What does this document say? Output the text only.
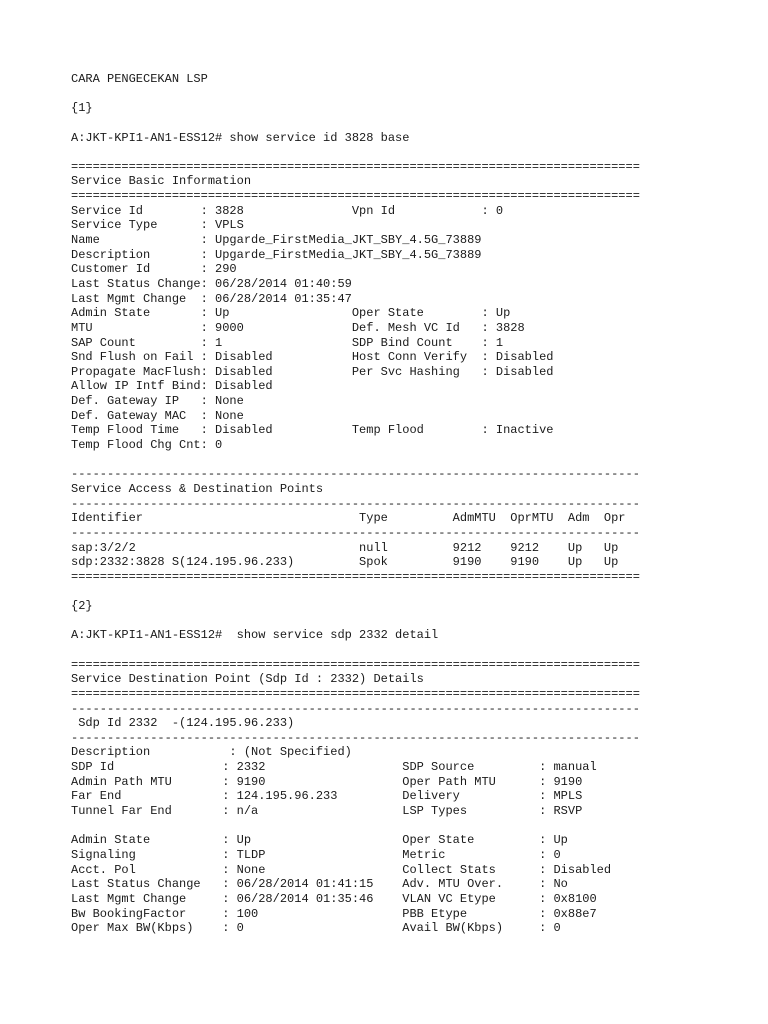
CARA PENGECEKAN LSP
{1}
A:JKT-KPI1-AN1-ESS12# show service id 3828 base
===============================================================================
Service Basic Information
===============================================================================
Service Id        : 3828               Vpn Id            : 0
Service Type      : VPLS
Name              : Upgarde_FirstMedia_JKT_SBY_4.5G_73889
Description       : Upgarde_FirstMedia_JKT_SBY_4.5G_73889
Customer Id       : 290
Last Status Change: 06/28/2014 01:40:59
Last Mgmt Change  : 06/28/2014 01:35:47
Admin State       : Up                 Oper State        : Up
MTU               : 9000               Def. Mesh VC Id   : 3828
SAP Count         : 1                  SDP Bind Count    : 1
Snd Flush on Fail : Disabled           Host Conn Verify  : Disabled
Propagate MacFlush: Disabled           Per Svc Hashing   : Disabled
Allow IP Intf Bind: Disabled
Def. Gateway IP   : None
Def. Gateway MAC  : None
Temp Flood Time   : Disabled           Temp Flood        : Inactive
Temp Flood Chg Cnt: 0
-------------------------------------------------------------------------------
Service Access & Destination Points
-------------------------------------------------------------------------------
Identifier                              Type         AdmMTU  OprMTU  Adm  Opr
-------------------------------------------------------------------------------
sap:3/2/2                               null         9212    9212    Up   Up
sdp:2332:3828 S(124.195.96.233)         Spok         9190    9190    Up   Up
===============================================================================
{2}
A:JKT-KPI1-AN1-ESS12#  show service sdp 2332 detail
===============================================================================
Service Destination Point (Sdp Id : 2332) Details
===============================================================================
-------------------------------------------------------------------------------
Sdp Id 2332  -(124.195.96.233)
-------------------------------------------------------------------------------
Description           : (Not Specified)
SDP Id               : 2332                   SDP Source         : manual
Admin Path MTU       : 9190                   Oper Path MTU      : 9190
Far End              : 124.195.96.233         Delivery           : MPLS
Tunnel Far End       : n/a                    LSP Types          : RSVP
Admin State          : Up                     Oper State         : Up
Signaling            : TLDP                   Metric             : 0
Acct. Pol            : None                   Collect Stats      : Disabled
Last Status Change   : 06/28/2014 01:41:15    Adv. MTU Over.     : No
Last Mgmt Change     : 06/28/2014 01:35:46    VLAN VC Etype      : 0x8100
Bw BookingFactor     : 100                    PBB Etype          : 0x88e7
Oper Max BW(Kbps)    : 0                      Avail BW(Kbps)     : 0
